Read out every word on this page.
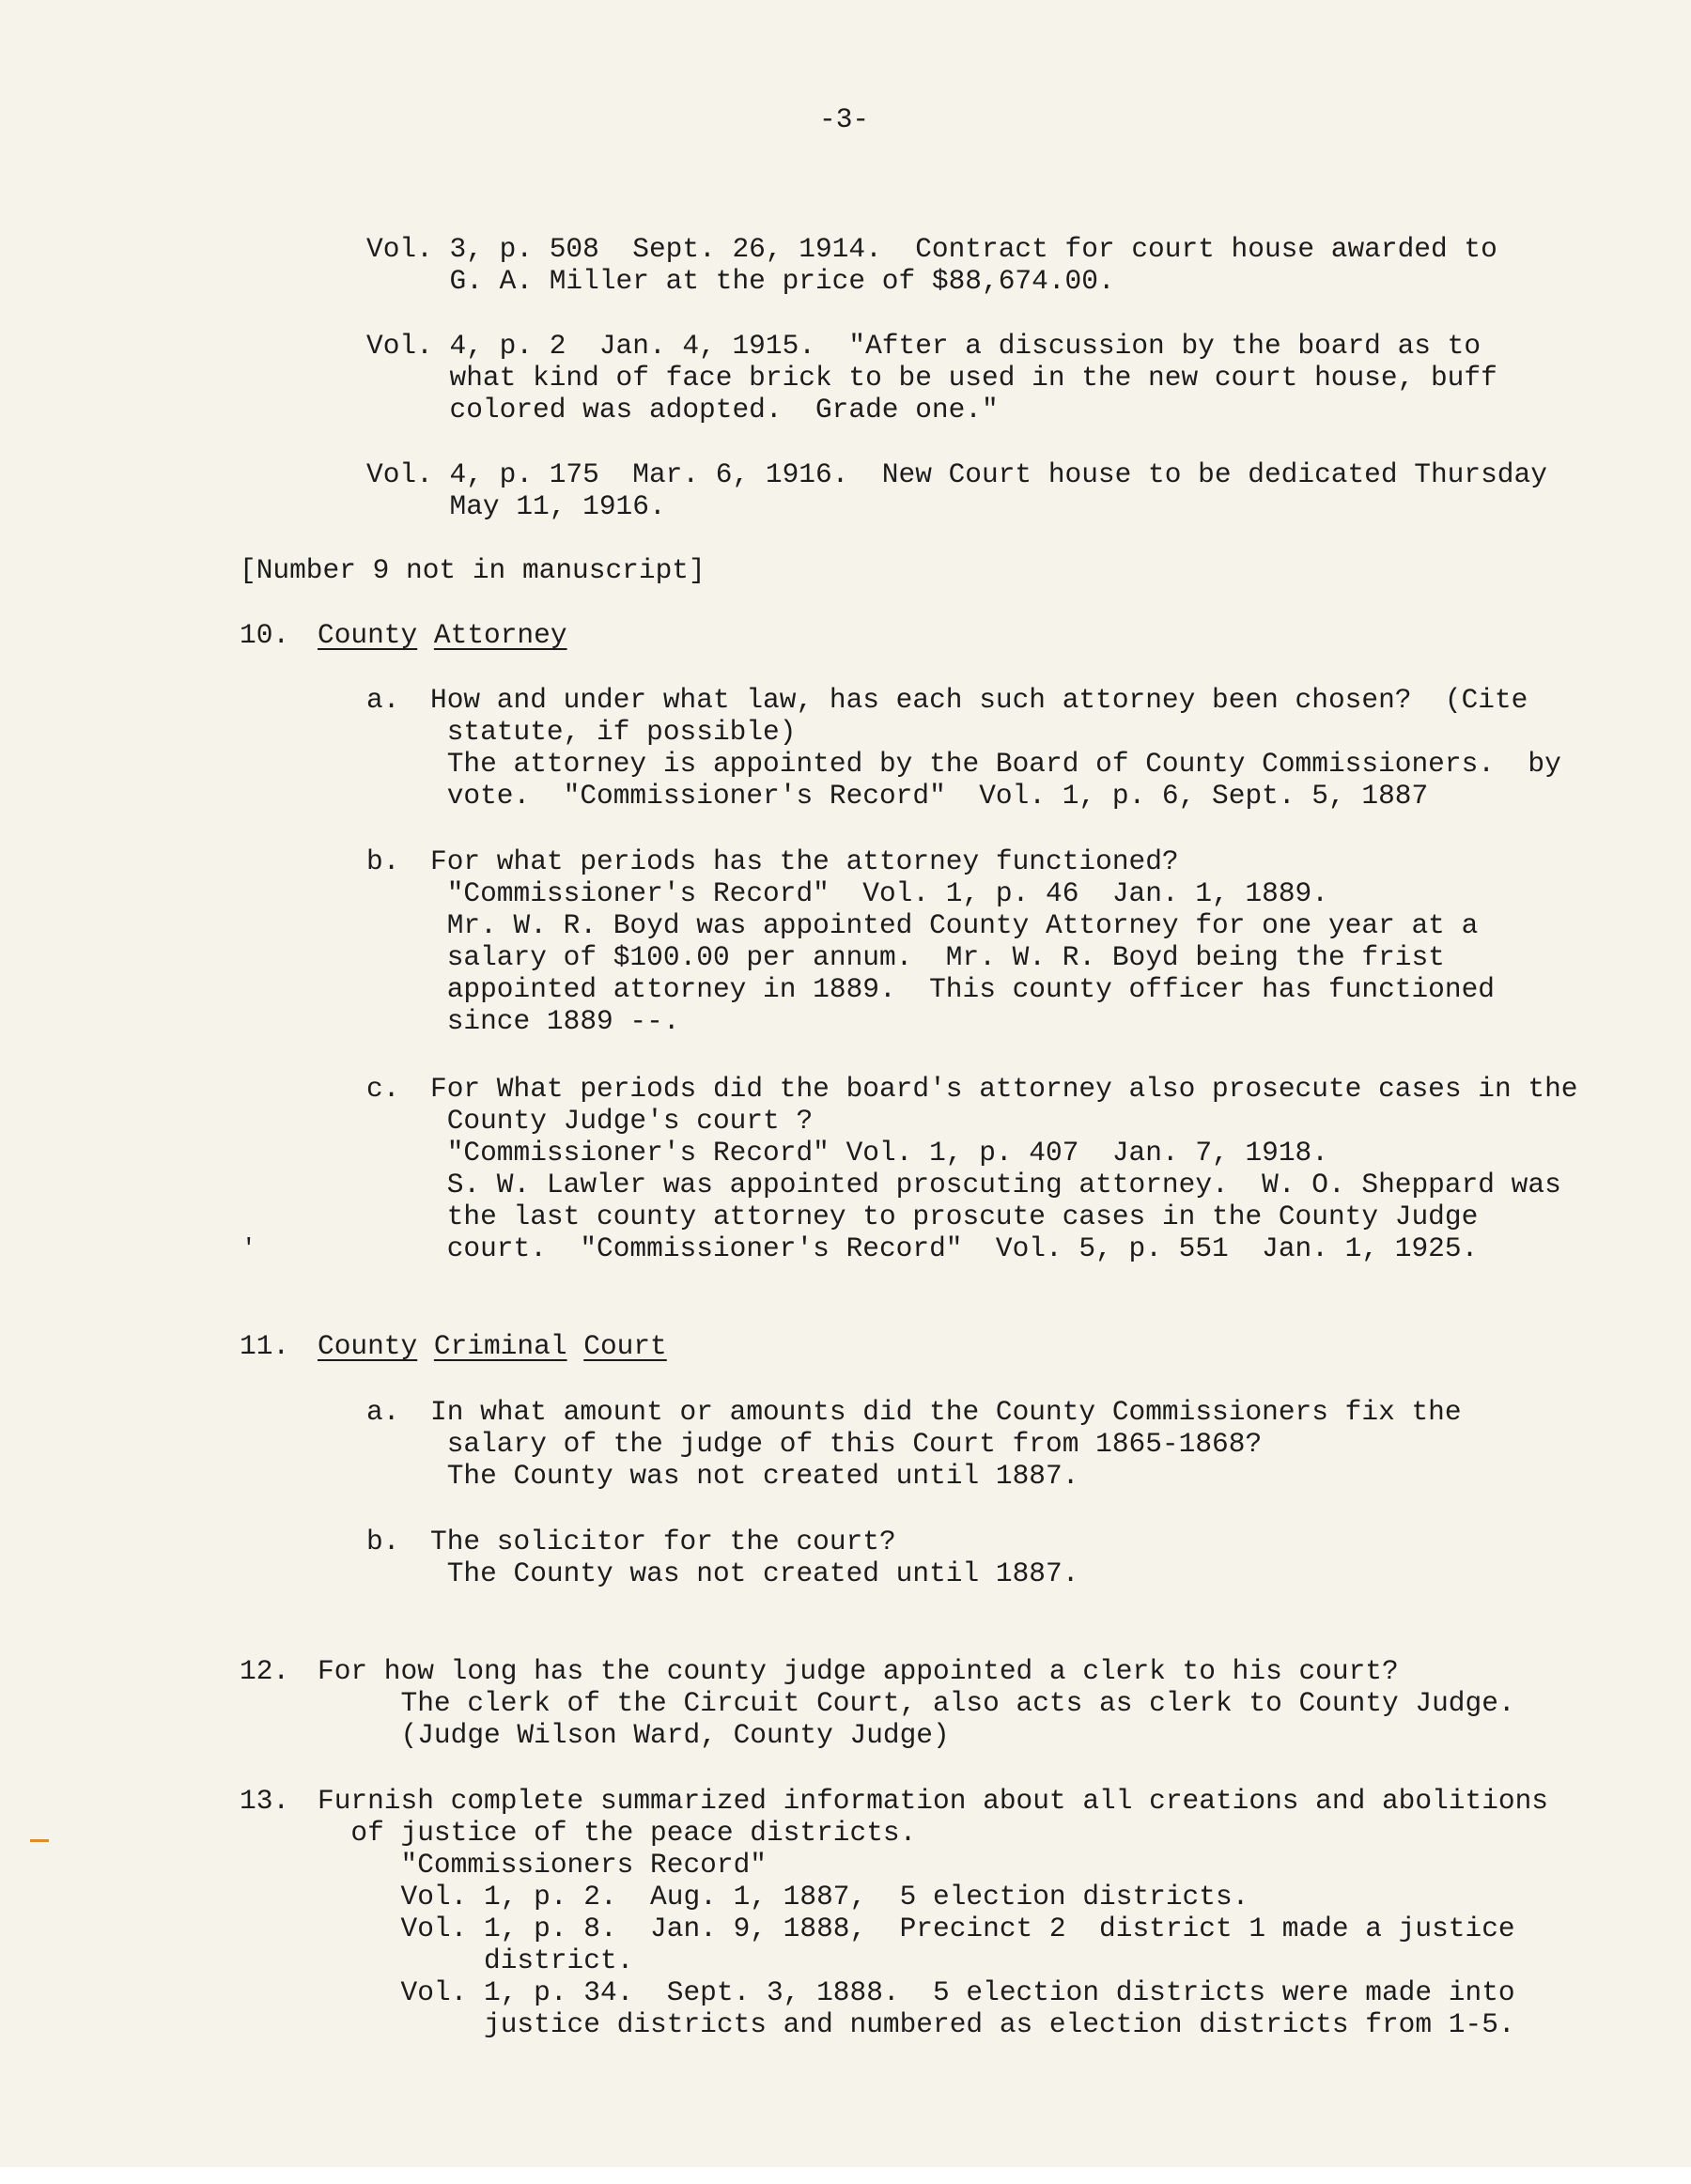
-3-

Vol. 3, p. 508  Sept. 26, 1914.  Contract for court house awarded to

G. A. Miller at the price of $88,674.00.

Vol. 4, p. 2  Jan. 4, 1915.  "After a discussion by the board as to

what kind of face brick to be used in the new court house, buff

colored was adopted.  Grade one."

Vol. 4, p. 175  Mar. 6, 1916.  New Court house to be dedicated Thursday

May 11, 1916.

[Number 9 not in manuscript]

10. County Attorney

a. How and under what law, has each such attorney been chosen?  (Cite

statute, if possible)

The attorney is appointed by the Board of County Commissioners.  by

vote.  "Commissioner's Record"  Vol. 1, p. 6, Sept. 5, 1887

b. For what periods has the attorney functioned?

"Commissioner's Record"  Vol. 1, p. 46  Jan. 1, 1889.

Mr. W. R. Boyd was appointed County Attorney for one year at a

salary of $100.00 per annum.  Mr. W. R. Boyd being the frist

appointed attorney in 1889.  This county officer has functioned

since 1889 --.

c. For What periods did the board's attorney also prosecute cases in the

County Judge's court ?

"Commissioner's Record" Vol. 1, p. 407  Jan. 7, 1918.

S. W. Lawler was appointed proscuting attorney.  W. O. Sheppard was

the last county attorney to proscute cases in the County Judge

court.  "Commissioner's Record"  Vol. 5, p. 551  Jan. 1, 1925.

'

11. County Criminal Court

a. In what amount or amounts did the County Commissioners fix the

salary of the judge of this Court from 1865-1868?

The County was not created until 1887.

b. The solicitor for the court?

The County was not created until 1887.

12. For how long has the county judge appointed a clerk to his court?

The clerk of the Circuit Court, also acts as clerk to County Judge.

(Judge Wilson Ward, County Judge)

13. Furnish complete summarized information about all creations and abolitions

of justice of the peace districts.

"Commissioners Record"

Vol. 1, p. 2.  Aug. 1, 1887,  5 election districts.

Vol. 1, p. 8.  Jan. 9, 1888,  Precinct 2  district 1 made a justice

district.

Vol. 1, p. 34.  Sept. 3, 1888.  5 election districts were made into

justice districts and numbered as election districts from 1-5.
